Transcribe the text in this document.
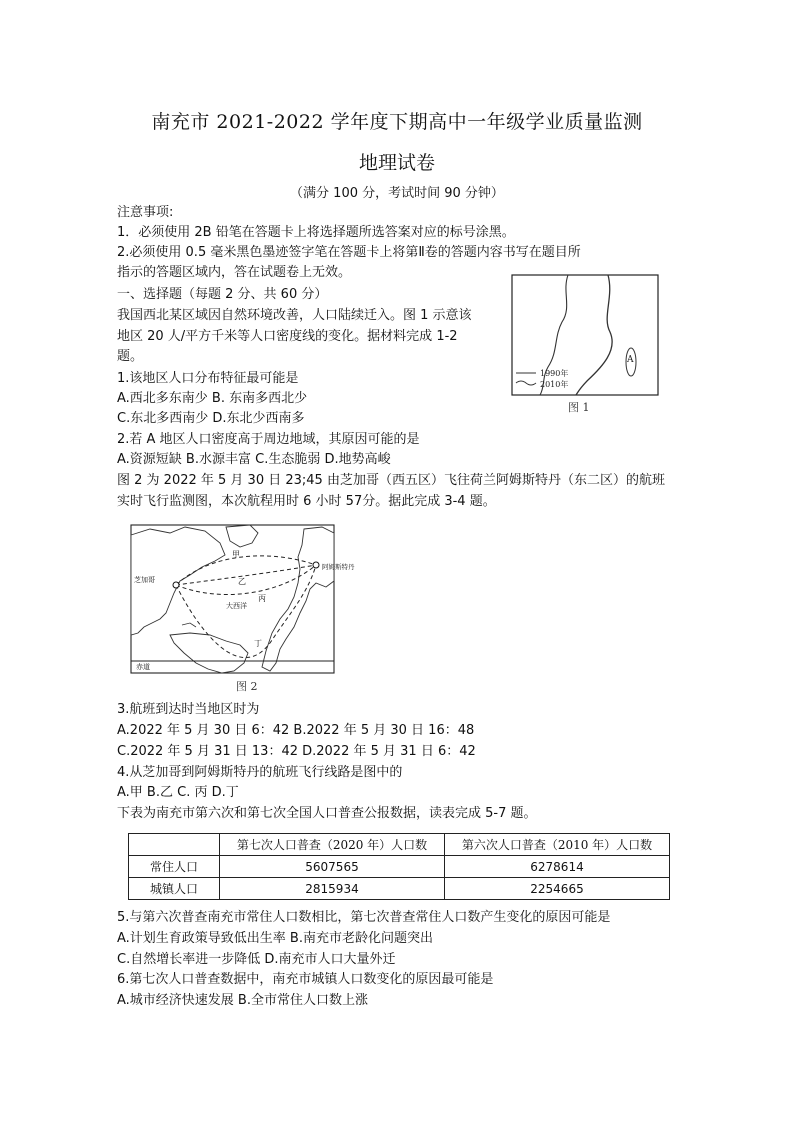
南充市 2021-2022 学年度下期高中一年级学业质量监测
地理试卷
（满分 100 分，考试时间 90 分钟）
注意事项:
1．必须使用 2B 铅笔在答题卡上将选择题所选答案对应的标号涂黑。
2.必须使用 0.5 毫米黑色墨迹签字笔在答题卡上将第Ⅱ卷的答题内容书写在题目所
指示的答题区域内，答在试题卷上无效。
一、选择题（每题 2 分、共 60 分）
我国西北某区域因自然环境改善，人口陆续迁入。图 1 示意该
地区 20 人/平方千米等人口密度线的变化。据材料完成 1-2
题。	A
1990年
2010年
图 1
1.该地区人口分布特征最可能是
A.西北多东南少 B. 东南多西北少
C.东北多西南少 D.东北少西南多
2.若 A 地区人口密度高于周边地域，其原因可能的是
A.资源短缺 B.水源丰富 C.生态脆弱 D.地势高峻
图 2 为 2022 年 5 月 30 日 23;45 由芝加哥（西五区）飞往荷兰阿姆斯特丹（东二区）的航班
实时飞行监测图，本次航程用时 6 小时 57分。据此完成 3-4 题。
芝加哥
阿姆斯特丹
甲
乙
丙
丁
大西洋
赤道
图 2
3.航班到达时当地区时为
A.2022 年 5 月 30 日 6：42 B.2022 年 5 月 30 日 16：48
C.2022 年 5 月 31 日 13：42 D.2022 年 5 月 31 日 6：42
4.从芝加哥到阿姆斯特丹的航班飞行线路是图中的
A.甲 B.乙 C. 丙 D.丁
下表为南充市第六次和第七次全国人口普查公报数据，读表完成 5-7 题。
	第七次人口普查（2020 年）人口数	第六次人口普查（2010 年）人口数
常住人口	5607565	6278614
城镇人口	2815934	2254665
5.与第六次普查南充市常住人口数相比，第七次普查常住人口数产生变化的原因可能是
A.计划生育政策导致低出生率 B.南充市老龄化问题突出
C.自然增长率进一步降低 D.南充市人口大量外迁
6.第七次人口普查数据中，南充市城镇人口数变化的原因最可能是
A.城市经济快速发展 B.全市常住人口数上涨
